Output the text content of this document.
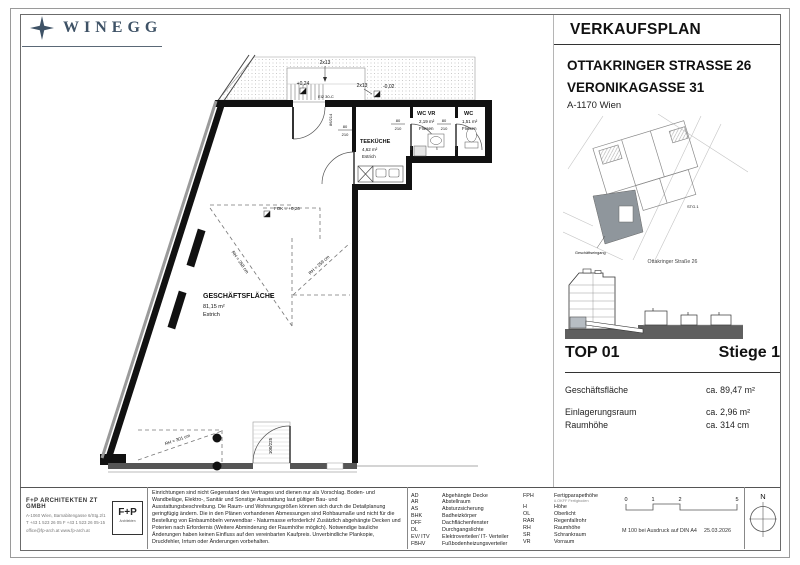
WINEGG	VERKAUFSPLAN
2x13
+0,24	2x13	-0,02
100/225
EI2 30-C
86/214
80
210
80
210
80
210
RH = 258 cm	RH = 259 cm
RH = 301 cm
FOK = +0,26
GESCHÄFTSFLÄCHE
81,15 m²
Estrich
TEEKÜCHE
4,62 m²
Estrich
WC VR
2,19 m²
Fliesen
WC
1,51 m²
Fliesen
OTTAKRINGER STRASSE 26
VERONIKAGASSE 31
A-1170 Wien
STG.1
Geschäftseingang
Ottakringer Straße 26
TOP 01	Stiege 1
Geschäftsfläche	ca. 89,47 m²
Einlagerungsraum	ca. 2,96 m²
Raumhöhe	ca. 314 cm
F+P ARCHITEKTEN ZT GMBH
A-1060 Wien, Barnabitengasse 6/Stg.2/1
T +43 1 523 26 05 F +43 1 523 26 05-15
office@fp-arch.at www.fp-arch.at
F+P
Architekten
Einrichtungen sind nicht Gegenstand des Vertrages und dienen nur als Vorschlag. Boden- und Wandbeläge, Elektro-, Sanitär und Sonstige Ausstattung laut gültiger Bau- und Ausstattungsbeschreibung. Die Raum- und Wohnungsgrößen können sich durch die Detailplanung geringfügig ändern. Die in den Plänen vorhandenen Abmessungen sind Rohbaumaße und nicht für die Bestellung von Einbaumöbeln verwendbar - Naturmasse erforderlich! Zusätzlich abgehängte Decken und Poterien nach Erfordernis (Weitere Abminderung der Raumhöhe möglich). Notwendige bauliche Änderungen haben keinen Einfluss auf den vereinbarten Kaufpreis. Unverbindliche Plankopie, Druckfehler, Irrtum oder Änderungen vorbehalten.
AD	Abgehängte Decke
AR	Abstellraum
AS	Absturzsicherung
BHK	Badheizkörper
DFF	Dachflächenfenster
DL	Durchgangslichte
EV/ ITV	Elektroverteiler/ IT- Verteiler
FBHV	Fußbodenheizungsverteiler
FPH	Fertigparapethöhe
ü.OKFF Fertigboden
H	Höhe
OL	Oberlicht
RAR	Regenfallrohr
RH	Raumhöhe
SR	Schrankraum
VR	Vorraum
0	1	2	5
M 100 bei Ausdruck auf DIN A4 25.03.2026
N
